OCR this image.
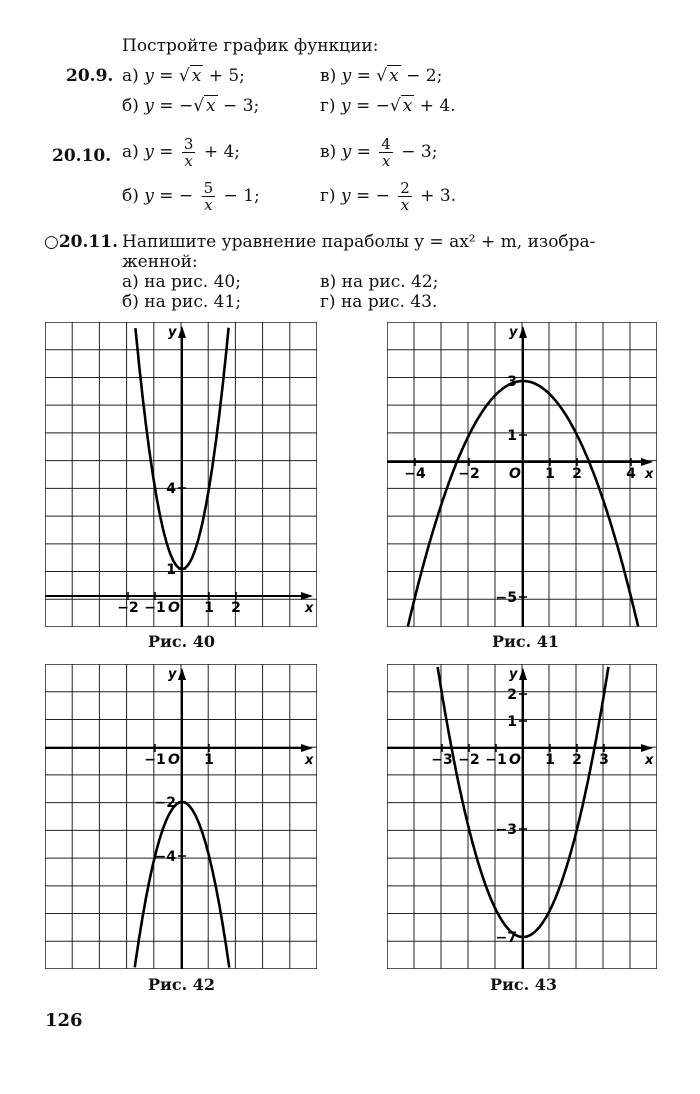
Постройте график функции:
20.9. а) y = √ x + 5;	в) y = √ x − 2;
б) y = −√ x − 3;	г) y = −√ x + 4.
20.10. а) $y = \frac{3}{x} + 4$;	в) $y = \frac{4}{x} - 3$;
б) y = − $\frac{5}{x} - 1$;	г) y = − $\frac{2}{x} + 3$.
○20.11. Напишите уравнение параболы y = ax² + m, изобра-
женной:
а) на рис. 40;	в) на рис. 42;
б) на рис. 41;	г) на рис. 43.
x
y
O
−2 −1	1 2
4
1
Рис. 40
x
y
O
−4 −2	1 2	4
3
1
−5
Рис. 41
x
y
O
−1	1
−2
−4
Рис. 42
x
y
O
−3 −2 −1	1 2 3
2
1
−3
−7
Рис. 43
126
